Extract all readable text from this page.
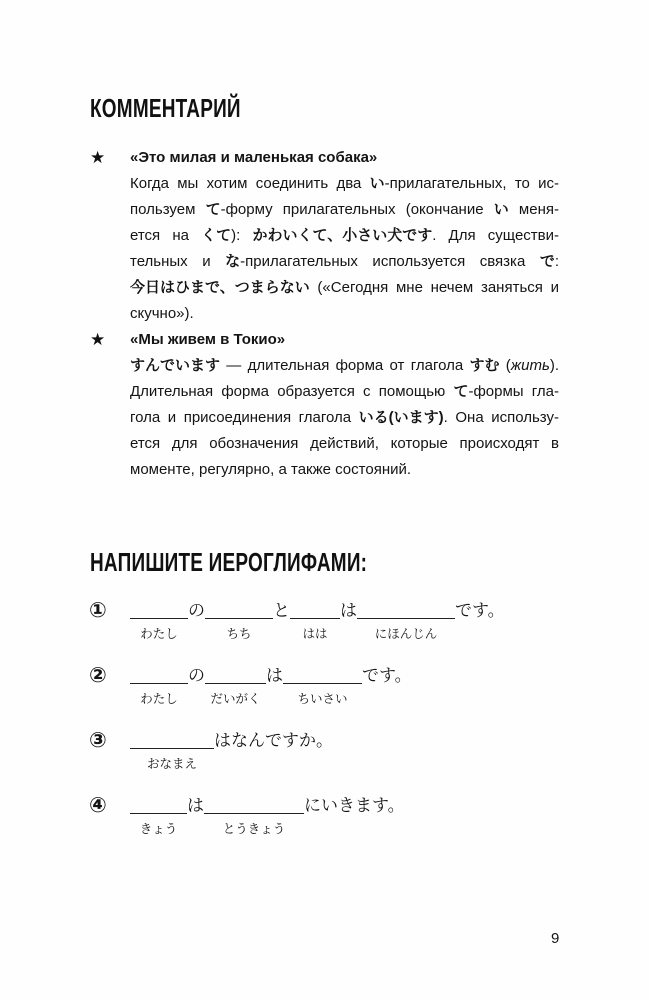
КОММЕНТАРИЙ
★ «Это милая и маленькая собака»
Когда мы хотим соединить два い-прилагательных, то ис-
пользуем て-форму прилагательных (окончание い меня-
ется на くて): かわいくて、小さい犬です. Для существи-
тельных и な-прилагательных используется связка で:
今日はひまで、つまらない («Сегодня мне нечем заняться и
скучно»).
★ «Мы живем в Токио»
すんでいます — длительная форма от глагола すむ (жить).
Длительная форма образуется с помощью て-формы гла-
гола и присоединения глагола いる(います). Она использу-
ется для обозначения действий, которые происходят в
моменте, регулярно, а также состояний.
НАПИШИТЕ ИЕРОГЛИФАМИ:
①
わたし
の
ちち
と
はは
は
にほんじん
です。
②
わたし
の
だいがく
は
ちいさい
です。
③
おなまえ
はなんですか。
④
きょう
は
とうきょう
にいきます。
9
